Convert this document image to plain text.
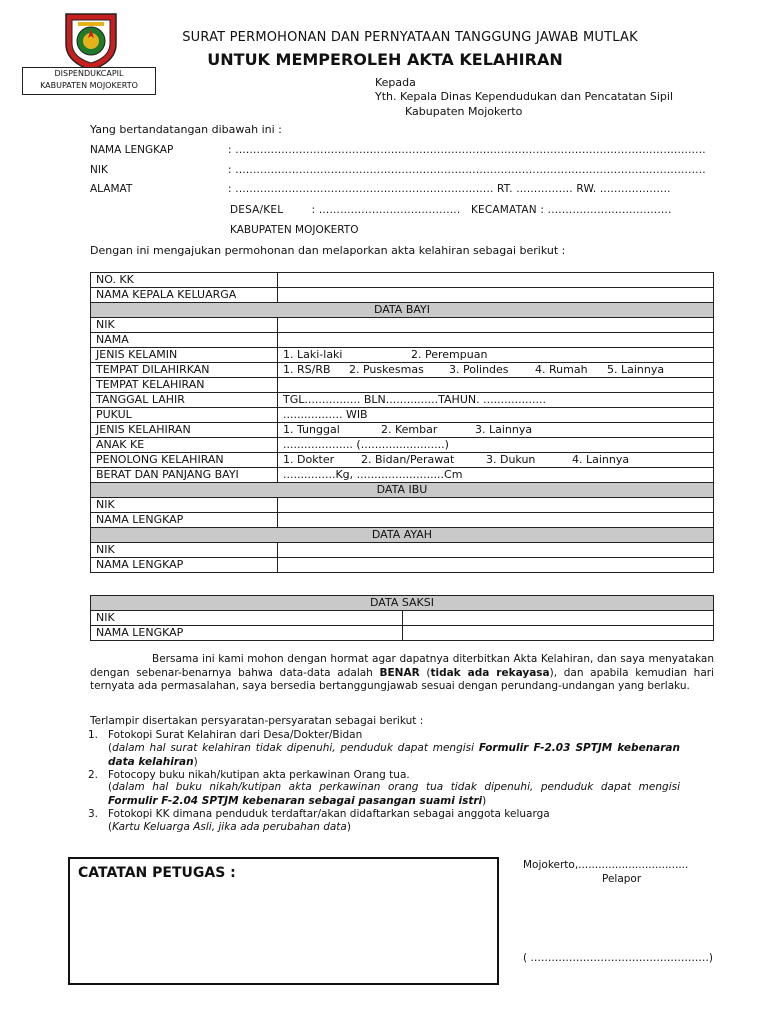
DISPENDUKCAPIL
KABUPATEN MOJOKERTO
SURAT PERMOHONAN DAN PERNYATAAN TANGGUNG JAWAB MUTLAK
UNTUK MEMPEROLEH AKTA KELAHIRAN
Kepada
Yth. Kepala Dinas Kependudukan dan Pencatatan Sipil
Kabupaten Mojokerto
Yang bertandatangan dibawah ini :
NAMA LENGKAP	: .....................................................................................................................................
NIK	: .....................................................................................................................................
ALAMAT	: ......................................................................... RT. ................ RW. ....................
DESA/KEL        : ........................................   KECAMATAN : ...................................
KABUPATEN MOJOKERTO
Dengan ini mengajukan permohonan dan melaporkan akta kelahiran sebagai berikut :
NO. KK	
NAMA KEPALA KELUARGA	
DATA BAYI	
NIK	
NAMA	
JENIS KELAMIN	1. Laki-laki 2. Perempuan
TEMPAT DILAHIRKAN	1. RS/RB 2. Puskesmas 3. Polindes 4. Rumah 5. Lainnya
TEMPAT KELAHIRAN	
TANGGAL LAHIR	TGL................ BLN...............TAHUN. ..................
PUKUL	................. WIB
JENIS KELAHIRAN	1. Tunggal 2. Kembar 3. Lainnya
ANAK KE	.................... (........................)
PENOLONG KELAHIRAN	1. Dokter 2. Bidan/Perawat 3. Dukun 4. Lainnya
BERAT DAN PANJANG BAYI	...............Kg, .........................Cm
DATA IBU	
NIK	
NAMA LENGKAP	
DATA AYAH	
NIK	
NAMA LENGKAP	
DATA SAKSI	
NIK	
NAMA LENGKAP	
Bersama ini kami mohon dengan hormat agar dapatnya diterbitkan Akta Kelahiran, dan saya menyatakan dengan sebenar-benarnya bahwa data-data adalah BENAR (tidak ada rekayasa), dan apabila kemudian hari ternyata ada permasalahan, saya bersedia bertanggungjawab sesuai dengan perundang-undangan yang berlaku.
Terlampir disertakan persyaratan-persyaratan sebagai berikut :
1. Fotokopi Surat Kelahiran dari Desa/Dokter/Bidan
(dalam hal surat kelahiran tidak dipenuhi, penduduk dapat mengisi Formulir F-2.03 SPTJM kebenaran data kelahiran)
2. Fotocopy buku nikah/kutipan akta perkawinan Orang tua.
(dalam hal buku nikah/kutipan akta perkawinan orang tua tidak dipenuhi, penduduk dapat mengisi Formulir F-2.04 SPTJM kebenaran sebagai pasangan suami istri)
3. Fotokopi KK dimana penduduk terdaftar/akan didaftarkan sebagai anggota keluarga
(Kartu Keluarga Asli, jika ada perubahan data)
CATATAN PETUGAS :	Mojokerto,.................................
Pelapor
( ……………………………………………)
